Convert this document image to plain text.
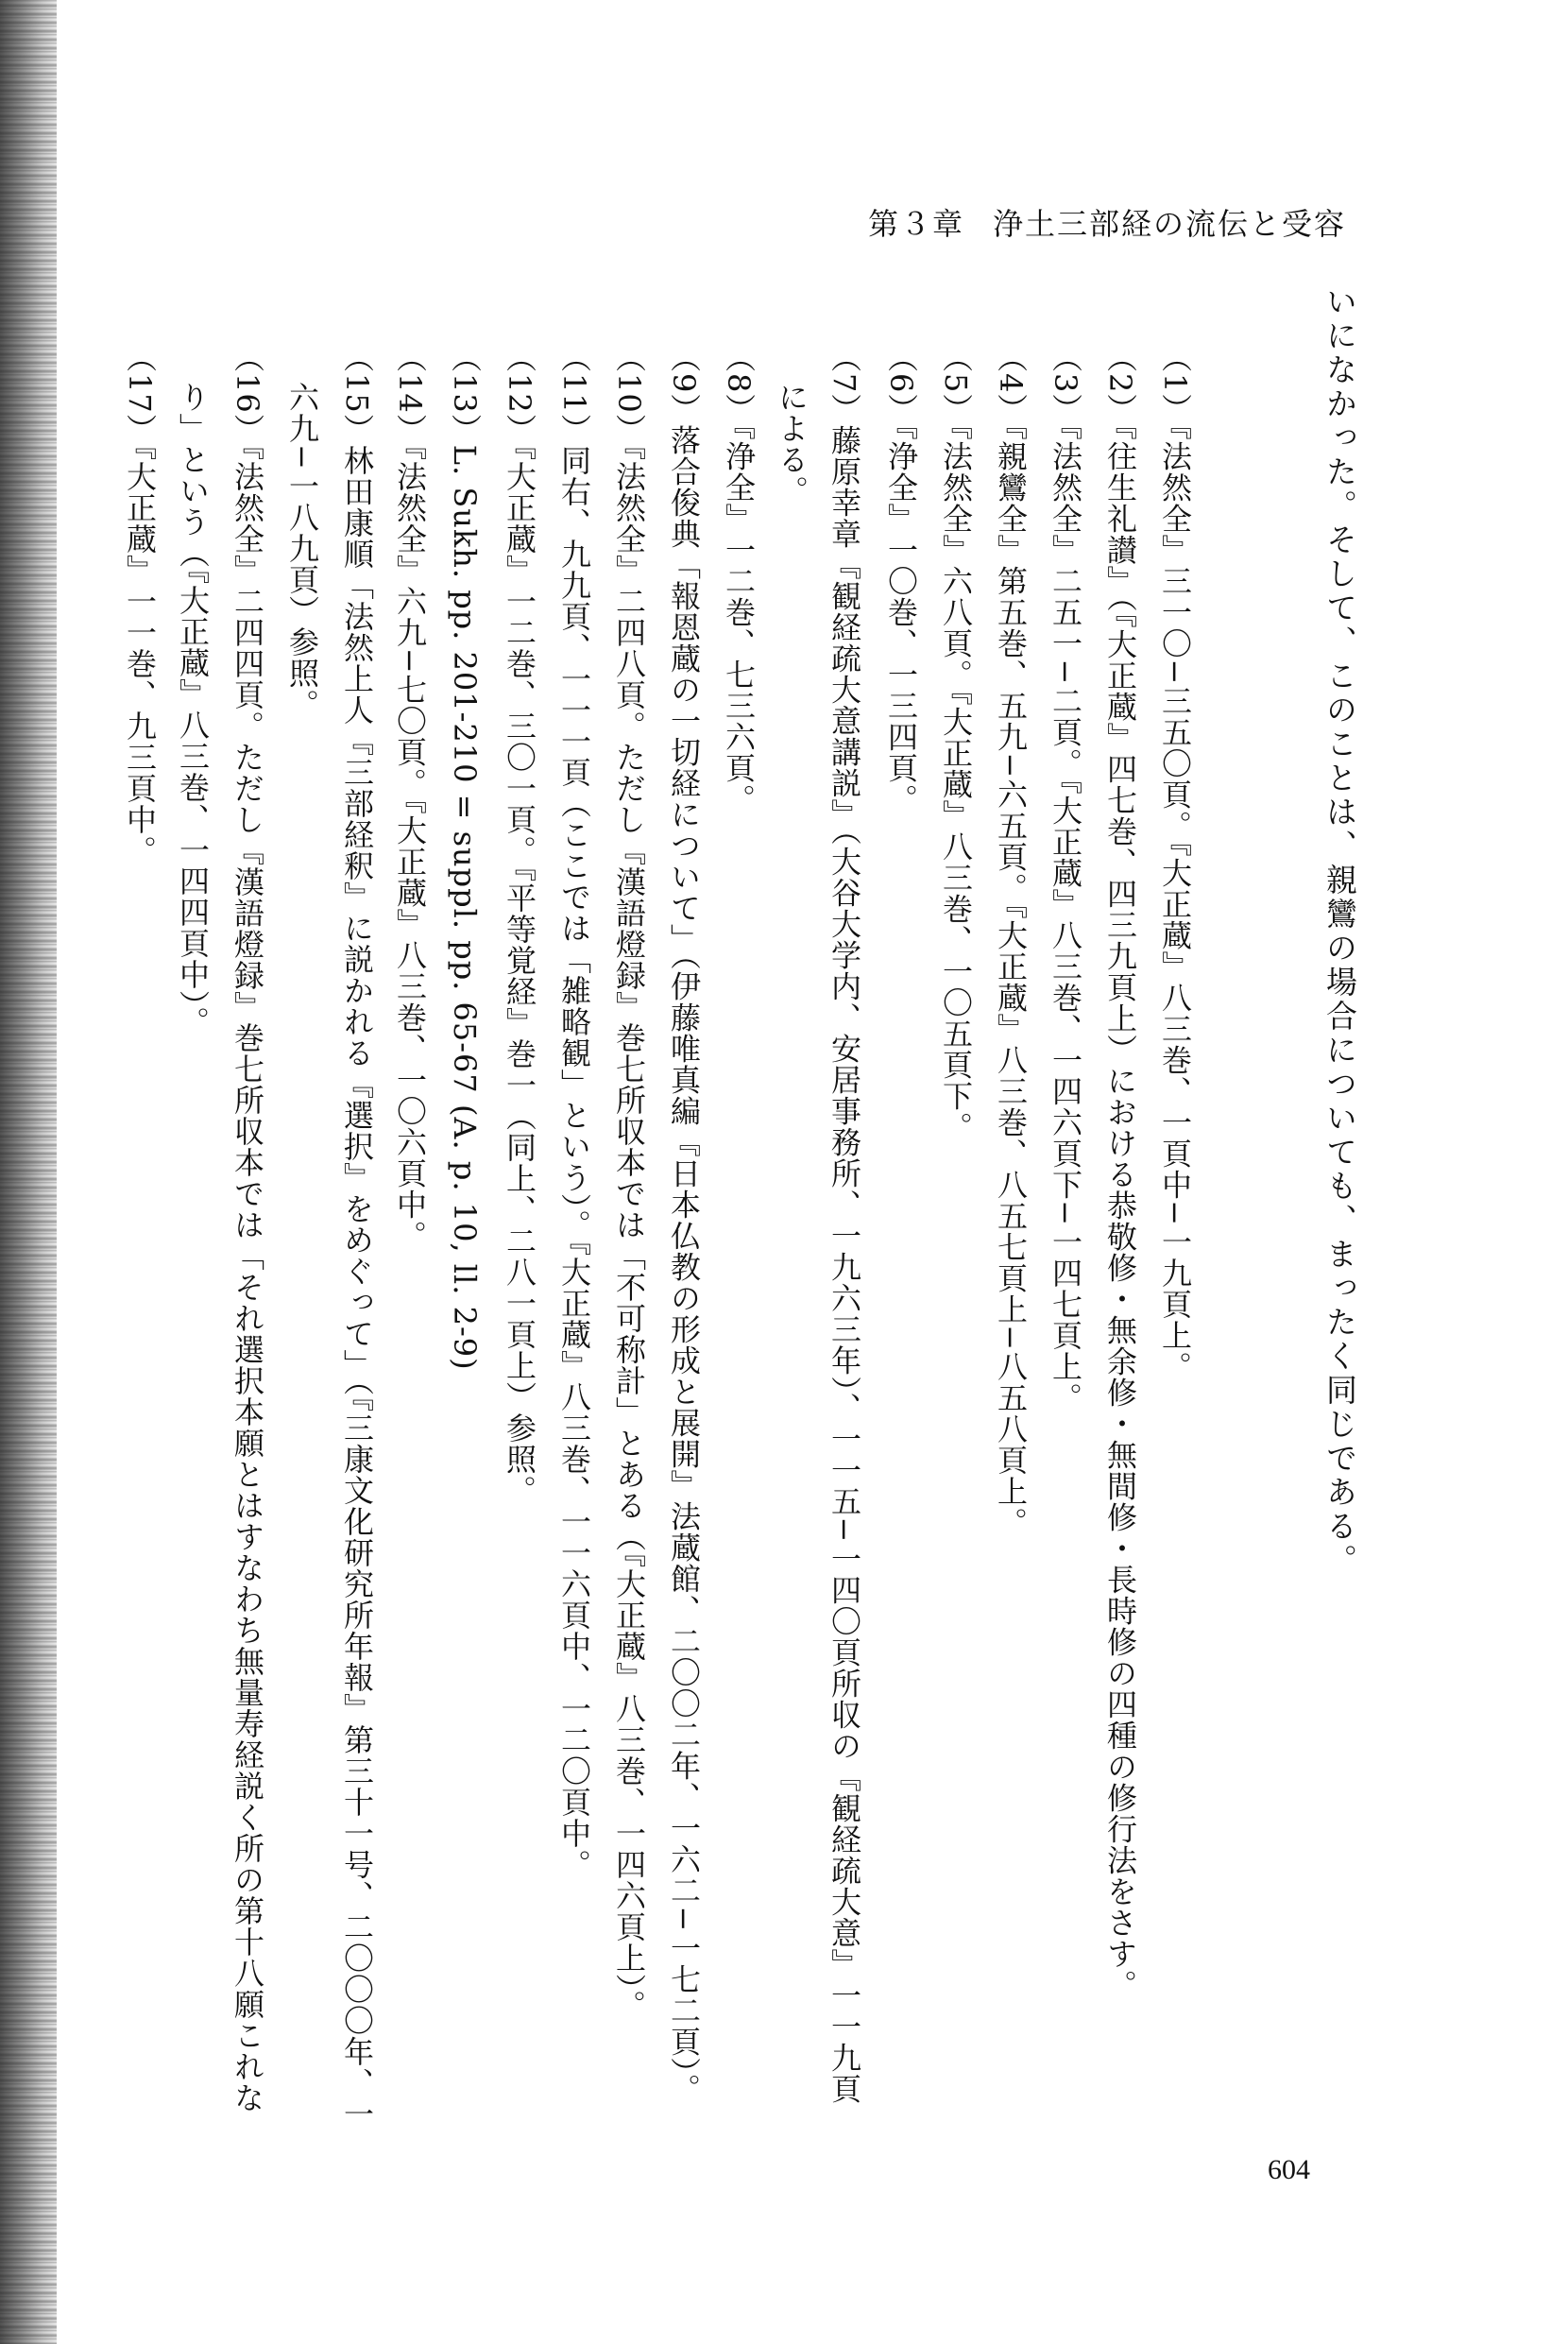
第３章 浄土三部経の流伝と受容
いになかった。そして、このことは、親鸞の場合についても、まったく同じである。
（1）『法然全』三一〇−三五〇頁。『大正蔵』八三巻、一頁中−一九頁上。
（2）『往生礼讃』（『大正蔵』四七巻、四三九頁上）における恭敬修・無余修・無間修・長時修の四種の修行法をさす。
（3）『法然全』二五一−二頁。『大正蔵』八三巻、一四六頁下−一四七頁上。
（4）『親鸞全』第五巻、五九−六五頁。『大正蔵』八三巻、八五七頁上−八五八頁上。
（5）『法然全』六八頁。『大正蔵』八三巻、一〇五頁下。
（6）『浄全』一〇巻、一三四頁。
（7）藤原幸章『観経疏大意講説』（大谷大学内、安居事務所、一九六三年）、一一五−一四〇頁所収の『観経疏大意』一一九頁
による。
（8）『浄全』一二巻、七三六頁。
（9）落合俊典「報恩蔵の一切経について」（伊藤唯真編『日本仏教の形成と展開』法蔵館、二〇〇二年、一六二−一七二頁）。
（10）『法然全』二四八頁。ただし『漢語燈録』巻七所収本では「不可称計」とある（『大正蔵』八三巻、一四六頁上）。
（11）同右、九九頁、一一一頁（ここでは「雑略観」という）。『大正蔵』八三巻、一一六頁中、一二〇頁中。
（12）『大正蔵』一二巻、三〇一頁。『平等覚経』巻一（同上、二八一頁上）参照。
（13）L. Sukh. pp. 201-210 = suppl. pp. 65-67 (A. p. 10, ll. 2-9)
（14）『法然全』六九−七〇頁。『大正蔵』八三巻、一〇六頁中。
（15）林田康順「法然上人『三部経釈』に説かれる『選択』をめぐって」（『三康文化研究所年報』第三十一号、二〇〇〇年、一
六九−一八九頁）参照。
（16）『法然全』二四四頁。ただし『漢語燈録』巻七所収本では「それ選択本願とはすなわち無量寿経説く所の第十八願これな
り」という（『大正蔵』八三巻、一四四頁中）。
（17）『大正蔵』一一巻、九三頁中。
604
